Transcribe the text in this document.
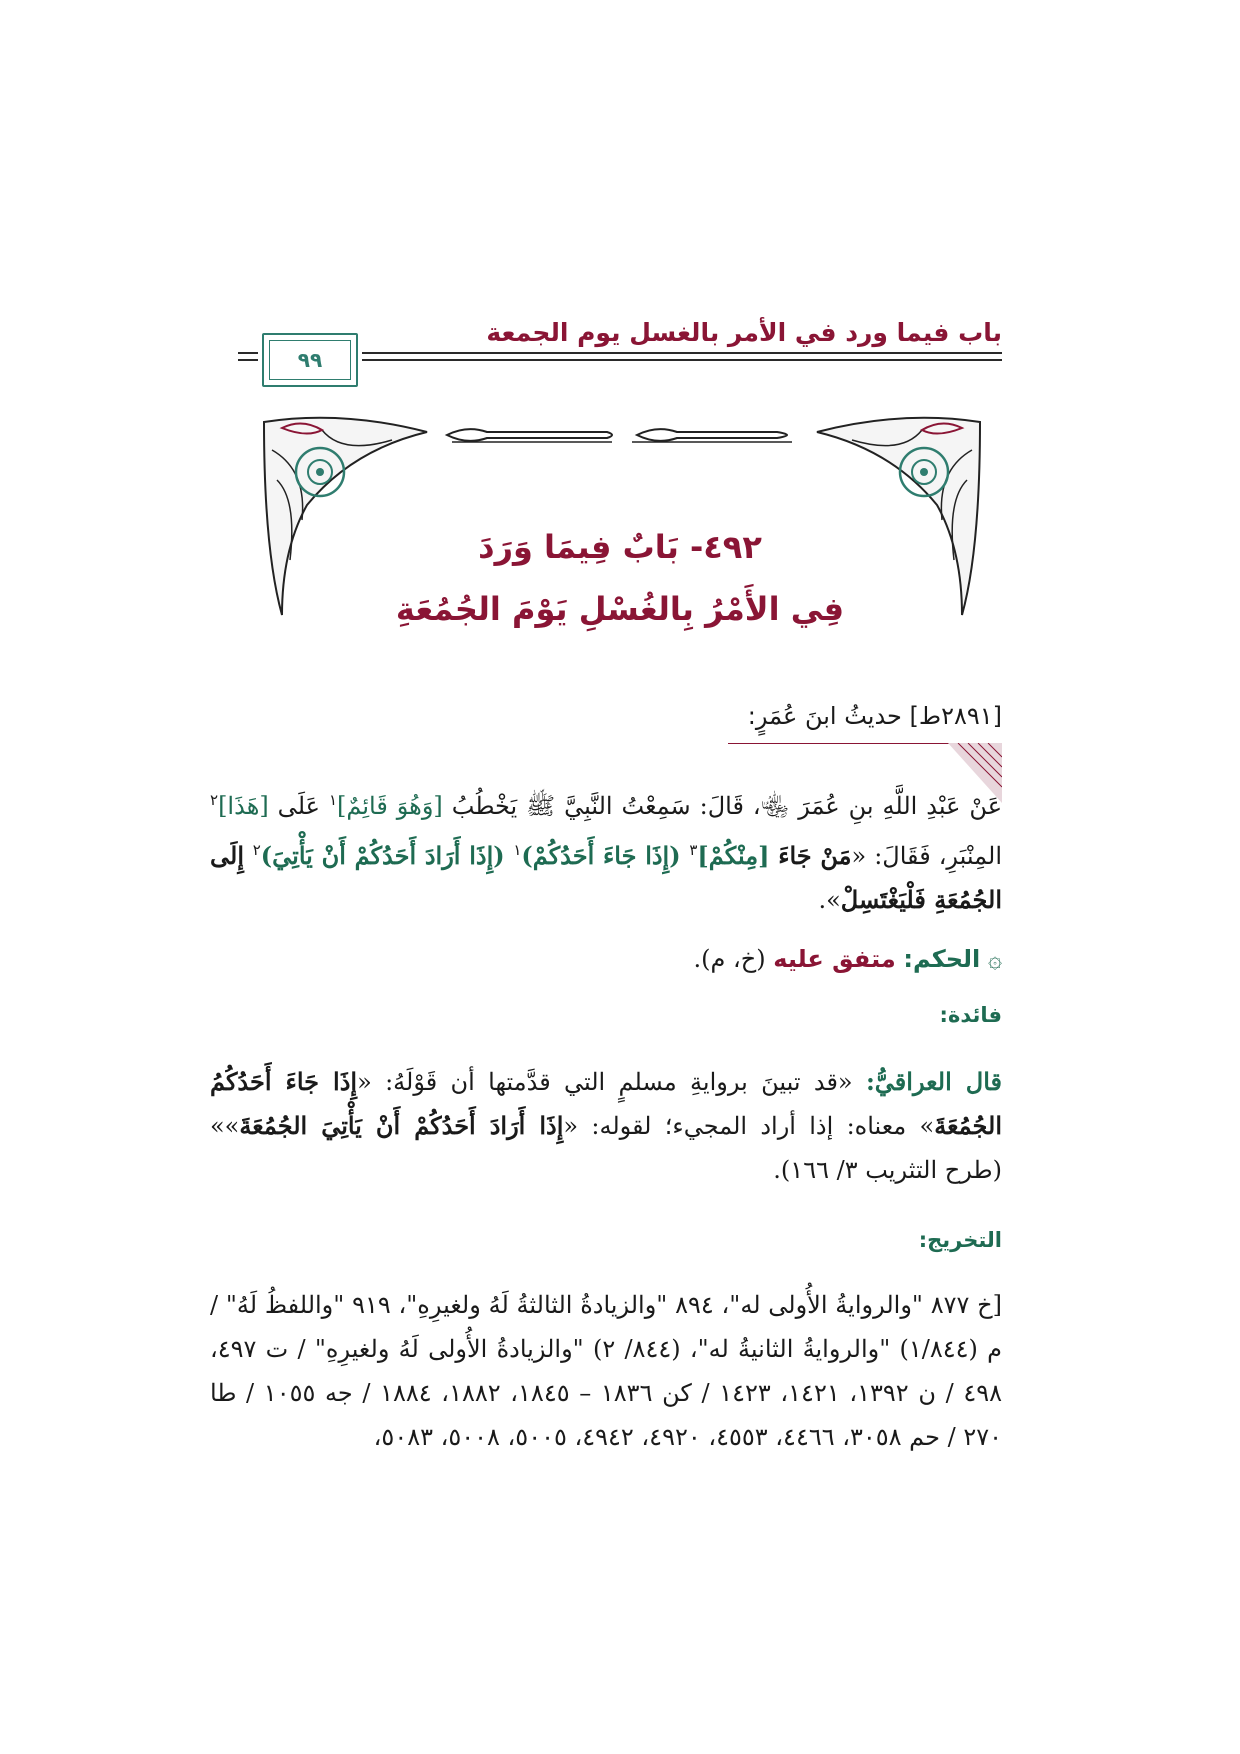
باب فيما ورد في الأمر بالغسل يوم الجمعة
٩٩
٤٩٢- بَابٌ فِيمَا وَرَدَ
فِي الأَمْرُ بِالغُسْلِ يَوْمَ الجُمُعَةِ
[٢٨٩١ط] حديثُ ابنَ عُمَرٍ:
عَنْ عَبْدِ اللَّهِ بنِ عُمَرَ ﵄، قَالَ: سَمِعْتُ النَّبِيَّ ﷺ يَخْطُبُ [وَهُوَ قَائِمٌ]$^١$ عَلَى [هَذَا]$^٢$ المِنْبَرِ، فَقَالَ: «مَنْ جَاءَ [مِنْكُمْ]$^٣$ (إِذَا جَاءَ أَحَدُكُمْ)$^١$ (إِذَا أَرَادَ أَحَدُكُمْ أَنْ يَأْتِيَ)$^٢$ إِلَى الجُمُعَةِ فَلْيَغْتَسِلْ».
۞ الحكم: متفق عليه (خ، م).
فائدة:
قال العراقيُّ: «قد تبينَ بروايةِ مسلمٍ التي قدَّمتها أن قَوْلَهُ: «إِذَا جَاءَ أَحَدُكُمُ الجُمُعَةَ» معناه: إذا أراد المجيء؛ لقوله: «إِذَا أَرَادَ أَحَدُكُمْ أَنْ يَأْتِيَ الجُمُعَةَ»» (طرح التثريب ٣/ ١٦٦).
التخريج:
[خ ٨٧٧ "والروايةُ الأُولى له"، ٨٩٤ "والزيادةُ الثالثةُ لَهُ ولغيرِهِ"، ٩١٩ "واللفظُ لَهُ" / م (١/٨٤٤) "والروايةُ الثانيةُ له"، (٨٤٤/ ٢) "والزيادةُ الأُولى لَهُ ولغيرِهِ" / ت ٤٩٧، ٤٩٨ / ن ١٣٩٢، ١٤٢١، ١٤٢٣ / كن ١٨٣٦ – ١٨٤٥، ١٨٨٢، ١٨٨٤ / جه ١٠٥٥ / طا ٢٧٠ / حم ٣٠٥٨، ٤٤٦٦، ٤٥٥٣، ٤٩٢٠، ٤٩٤٢، ٥٠٠٥، ٥٠٠٨، ٥٠٨٣،
